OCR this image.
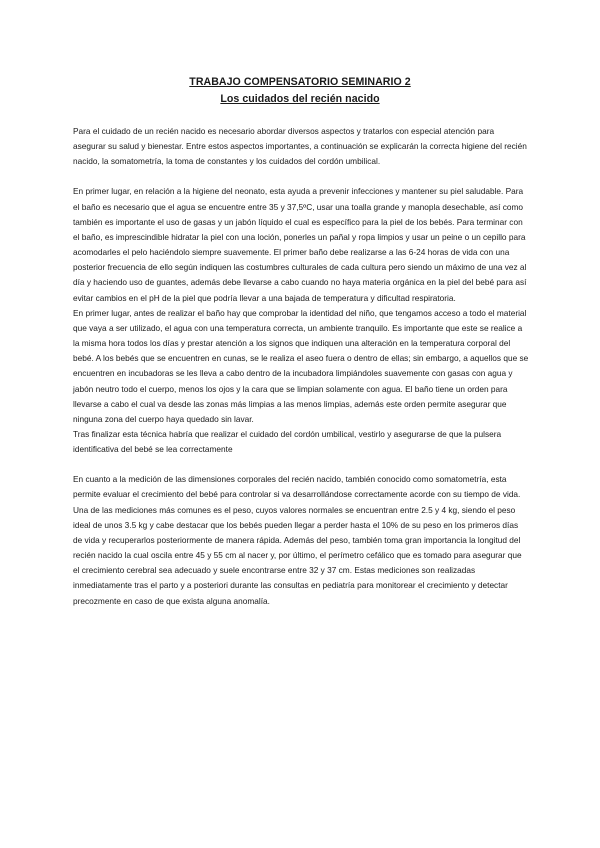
TRABAJO COMPENSATORIO SEMINARIO 2
Los cuidados del recién nacido

Para el cuidado de un recién nacido es necesario abordar diversos aspectos y tratarlos con especial atención para asegurar su salud y bienestar. Entre estos aspectos importantes, a continuación se explicarán la correcta higiene del recién nacido, la somatometría, la toma de constantes y los cuidados del cordón umbilical.

En primer lugar, en relación a la higiene del neonato, esta ayuda a prevenir infecciones y mantener su piel saludable. Para el baño es necesario que el agua se encuentre entre 35 y 37,5ºC, usar una toalla grande y manopla desechable, así como también es importante el uso de gasas y un jabón líquido el cual es específico para la piel de los bebés. Para terminar con el baño, es imprescindible hidratar la piel con una loción, ponerles un pañal y ropa limpios y usar un peine o un cepillo para acomodarles el pelo haciéndolo siempre suavemente. El primer baño debe realizarse a las 6-24 horas de vida con una posterior frecuencia de ello según indiquen las costumbres culturales de cada cultura pero siendo un máximo de una vez al día y haciendo uso de guantes, además debe llevarse a cabo cuando no haya materia orgánica en la piel del bebé para así evitar cambios en el pH de la piel que podría llevar a una bajada de temperatura y dificultad respiratoria.

En primer lugar, antes de realizar el baño hay que comprobar la identidad del niño, que tengamos acceso a todo el material que vaya a ser utilizado, el agua con una temperatura correcta, un ambiente tranquilo. Es importante que este se realice a la misma hora todos los días y prestar atención a los signos que indiquen una alteración en la temperatura corporal del bebé. A los bebés que se encuentren en cunas, se le realiza el aseo fuera o dentro de ellas; sin embargo, a aquellos que se encuentren en incubadoras se les lleva a cabo dentro de la incubadora limpiándoles suavemente con gasas con agua y jabón neutro todo el cuerpo, menos los ojos y la cara que se limpian solamente con agua. El baño tiene un orden para llevarse a cabo el cual va desde las zonas más limpias a las menos limpias, además este orden permite asegurar que ninguna zona del cuerpo haya quedado sin lavar.

Tras finalizar esta técnica habría que realizar el cuidado del cordón umbilical, vestirlo y asegurarse de que la pulsera identificativa del bebé se lea correctamente

En cuanto a la medición de las dimensiones corporales del recién nacido, también conocido como somatometría, esta permite evaluar el crecimiento del bebé para controlar si va desarrollándose correctamente acorde con su tiempo de vida. Una de las mediciones más comunes es el peso, cuyos valores normales se encuentran entre 2.5 y 4 kg, siendo el peso ideal de unos 3.5 kg y cabe destacar que los bebés pueden llegar a perder hasta el 10% de su peso en los primeros días de vida y recuperarlos posteriormente de manera rápida. Además del peso, también toma gran importancia la longitud del recién nacido la cual oscila entre 45 y 55 cm al nacer y, por último, el perímetro cefálico que es tomado para asegurar que el crecimiento cerebral sea adecuado y suele encontrarse entre 32 y 37 cm. Estas mediciones son realizadas inmediatamente tras el parto y a posteriori durante las consultas en pediatría para monitorear el crecimiento y detectar precozmente en caso de que exista alguna anomalía.
